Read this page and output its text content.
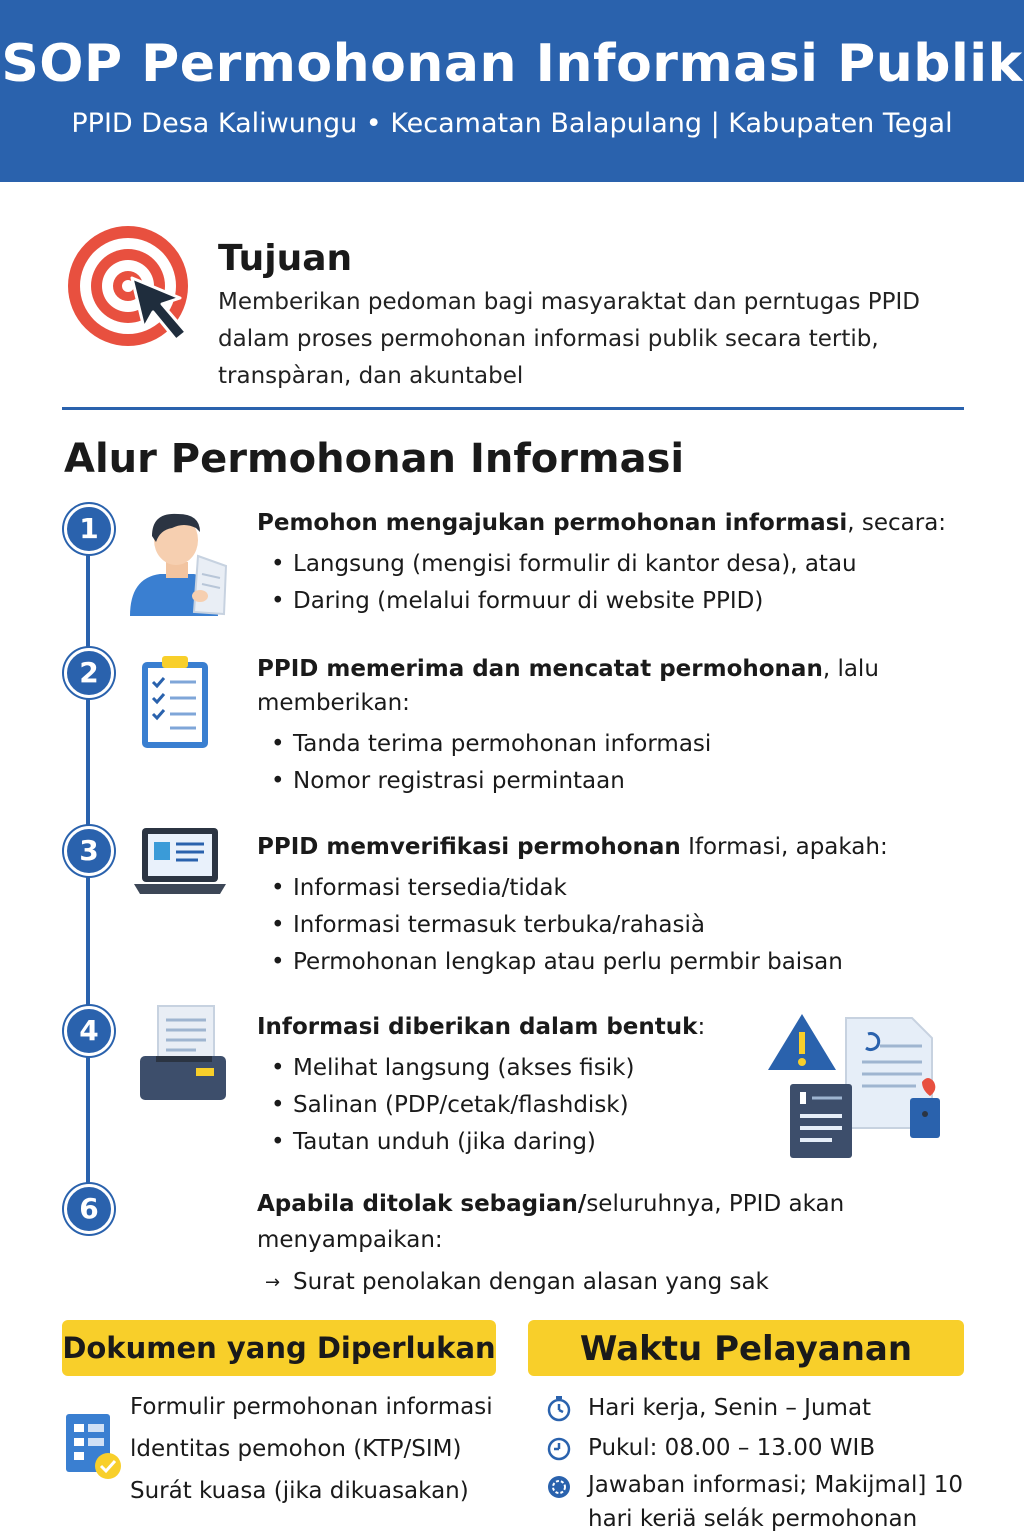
SOP Permohonan Informasi Publik
PPID Desa Kaliwungu • Kecamatan Balapulang | Kabupaten Tegal
Tujuan
Memberikan pedoman bagi masyaraktat dan perntugas PPID dalam proses permohonan informasi publik secara tertib, transpàran, dan akuntabel
Alur Permohonan Informasi
1	Pemohon mengajukan permohonan informasi, secara:
• Langsung (mengisi formulir di kantor desa), atau
• Daring (melalui formuur di website PPID)
2	PPID memerima dan mencatat permohonan, lalu memberikan:
• Tanda terima permohonan informasi
• Nomor registrasi permintaan
3	PPID memverifikasi permohonan Iformasi, apakah:
• Informasi tersedia/tidak
• Informasi termasuk terbuka/rahasià
• Permohonan lengkap atau perlu permbir baisan
4	Informasi diberikan dalam bentuk:
• Melihat langsung (akses fisik)
• Salinan (PDP/cetak/flashdisk)
• Tautan unduh (jika daring)
6	Apabila ditolak sebagian/seluruhnya, PPID akan menyampaikan:
→ Surat penolakan dengan alasan yang sak
Dokumen yang Diperlukan
Formulir permohonan informasi
ldentitas pemohon (KTP/SIM)
Surát kuasa (jika dikuasakan)
Waktu Pelayanan
Hari kerja, Senin – Jumat
Pukul: 08.00 – 13.00 WIB
Jawaban informasi; Makijmal] 10 hari keriä selák permohonan
